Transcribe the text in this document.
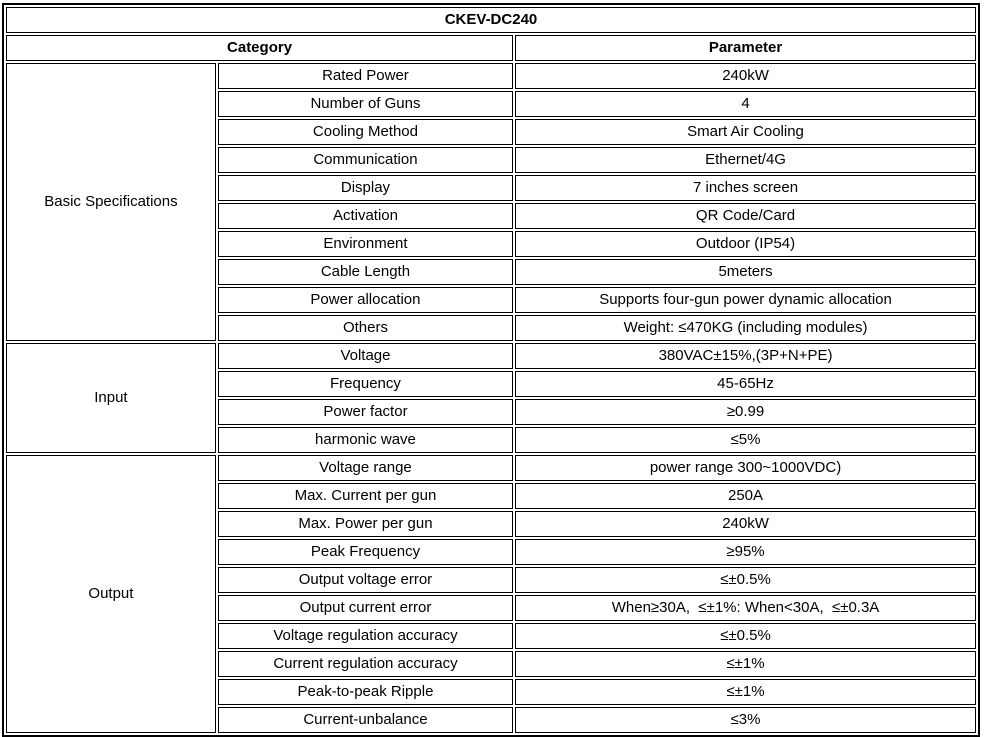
CKEV-DC240		
Category		Parameter
Basic Specifications	Rated Power	240kW
	Number of Guns	4
	Cooling Method	Smart Air Cooling
	Communication	Ethernet/4G
	Display	7 inches screen
	Activation	QR Code/Card
	Environment	Outdoor (IP54)
	Cable Length	5meters
	Power allocation	Supports four-gun power dynamic allocation
	Others	Weight: ≤470KG (including modules)
Input	Voltage	380VAC±15%,(3P+N+PE)
	Frequency	45-65Hz
	Power factor	≥0.99
	harmonic wave	≤5%
Output	Voltage range	power range 300~1000VDC)
	Max. Current per gun	250A
	Max. Power per gun	240kW
	Peak Frequency	≥95%
	Output voltage error	≤±0.5%
	Output current error	When≥30A,  ≤±1%: When<30A,  ≤±0.3A
	Voltage regulation accuracy	≤±0.5%
	Current regulation accuracy	≤±1%
	Peak-to-peak Ripple	≤±1%
	Current-unbalance	≤3%
